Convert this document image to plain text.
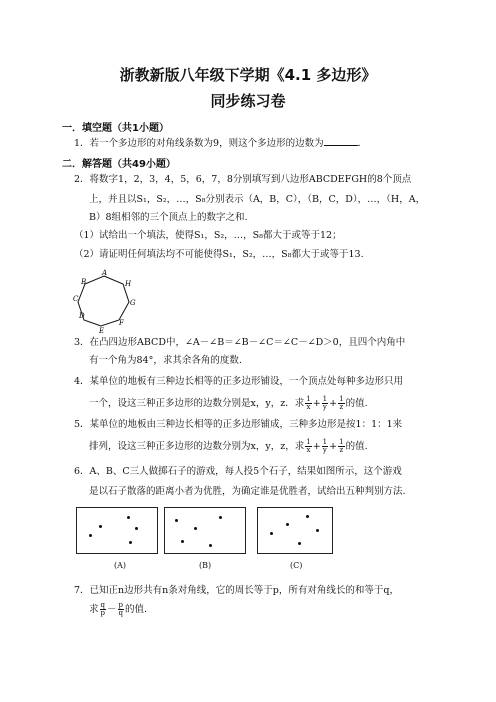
浙教新版八年级下学期《4.1 多边形》
同步练习卷
一．填空题（共1小题）
1．若一个多边形的对角线条数为9，则这个多边形的边数为	．
二．解答题（共49小题）
2．将数字1，2，3，4，5，6，7，8分别填写到八边形ABCDEFGH的8个顶点
上，并且以S₁，S₂，…，S₈分别表示（A，B，C），（B，C，D），…，（H，A，
B）8组相邻的三个顶点上的数字之和.
（1）试给出一个填法，使得S₁，S₂，…，S₈都大于或等于12；
（2）请证明任何填法均不可能使得S₁，S₂，…，S₈都大于或等于13.
A
B
C
D
E
F
G
H
3．在凸四边形ABCD中，∠A－∠B＝∠B－∠C＝∠C－∠D＞0，且四个内角中
有一个角为84°，求其余各角的度数.
4．某单位的地板有三种边长相等的正多边形铺设，一个顶点处每种多边形只用
一个，设这三种正多边形的边数分别是x，y，z．求 $\frac{1}{x} + \frac{1}{y} + \frac{1}{z}$ 的值.
5．某单位的地板由三种边长相等的正多边形铺成，三种多边形是按1：1：1来
排列，设这三种正多边形的边数分别为x，y，z，求 $\frac{1}{x} + \frac{1}{y} + \frac{1}{z}$ 的值.
6．A、B、C三人做掷石子的游戏，每人投5个石子，结果如图所示，这个游戏
是以石子散落的距离小者为优胜，为确定谁是优胜者，试给出五种判别方法.
(A)	(B)	(C)
7．已知正n边形共有n条对角线，它的周长等于p，所有对角线长的和等于q，
求 $\frac{q}{p} - \frac{p}{q}$ 的值.
